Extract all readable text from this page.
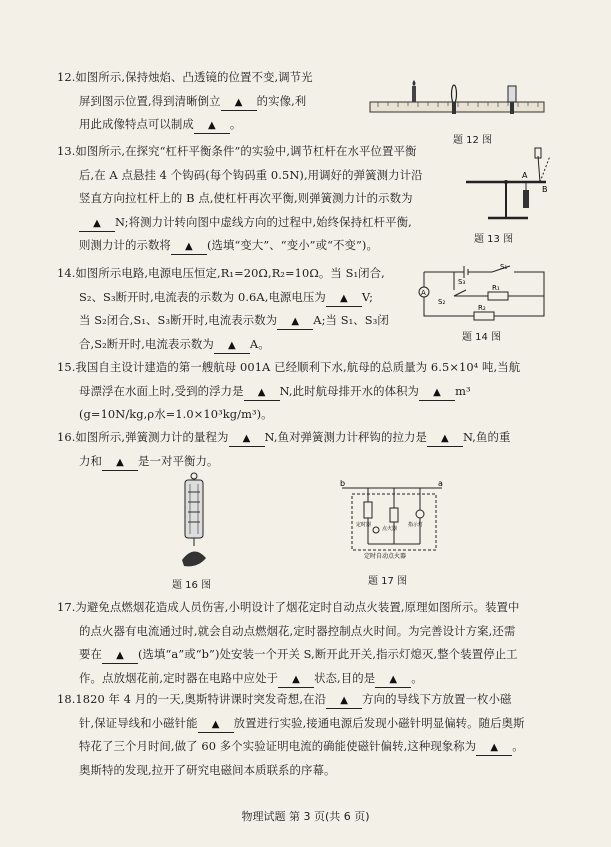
12.如图所示,保持烛焰、凸透镜的位置不变,调节光
屏到图示位置,得到清晰倒立 ▲ 的实像,利
用此成像特点可以制成 ▲ 。
题 12 图
13.如图所示,在探究“杠杆平衡条件”的实验中,调节杠杆在水平位置平衡
后,在 A 点悬挂 4 个钩码(每个钩码重 0.5N),用调好的弹簧测力计沿
竖直方向拉杠杆上的 B 点,使杠杆再次平衡,则弹簧测力计的示数为
▲ N;将测力计转向图中虚线方向的过程中,始终保持杠杆平衡,
则测力计的示数将 ▲ (选填“变大”、“变小”或“不变”)。
A
B
题 13 图
14.如图所示电路,电源电压恒定,R₁=20Ω,R₂=10Ω。当 S₁闭合,
S₂、S₃断开时,电流表的示数为 0.6A,电源电压为 ▲ V;
当 S₂闭合,S₁、S₃断开时,电流表示数为 ▲ A;当 S₁、S₃闭
合,S₂断开时,电流表示数为 ▲ A。
A
S₁
S₃
S₂
R₁
R₂
题 14 图
15.我国自主设计建造的第一艘航母 001A 已经顺利下水,航母的总质量为 6.5×10⁴ 吨,当航
母漂浮在水面上时,受到的浮力是 ▲ N,此时航母排开水的体积为 ▲ m³
(g=10N/kg,ρ水=1.0×10³kg/m³)。
16.如图所示,弹簧测力计的量程为 ▲ N,鱼对弹簧测力计秤钩的拉力是 ▲ N,鱼的重
力和 ▲ 是一对平衡力。
题 16 图
b	a
定时器
点火器
指示灯
定时自动点火器
题 17 图
17.为避免点燃烟花造成人员伤害,小明设计了烟花定时自动点火装置,原理如图所示。装置中
的点火器有电流通过时,就会自动点燃烟花,定时器控制点火时间。为完善设计方案,还需
要在 ▲ (选填“a”或“b”)处安装一个开关 S,断开此开关,指示灯熄灭,整个装置停止工
作。点放烟花前,定时器在电路中应处于 ▲ 状态,目的是 ▲ 。
18.1820 年 4 月的一天,奥斯特讲课时突发奇想,在沿 ▲ 方向的导线下方放置一枚小磁
针,保证导线和小磁针能 ▲ 放置进行实验,接通电源后发现小磁针明显偏转。随后奥斯
特花了三个月时间,做了 60 多个实验证明电流的确能使磁针偏转,这种现象称为 ▲ 。
奥斯特的发现,拉开了研究电磁间本质联系的序幕。
物理试题 第 3 页(共 6 页)
